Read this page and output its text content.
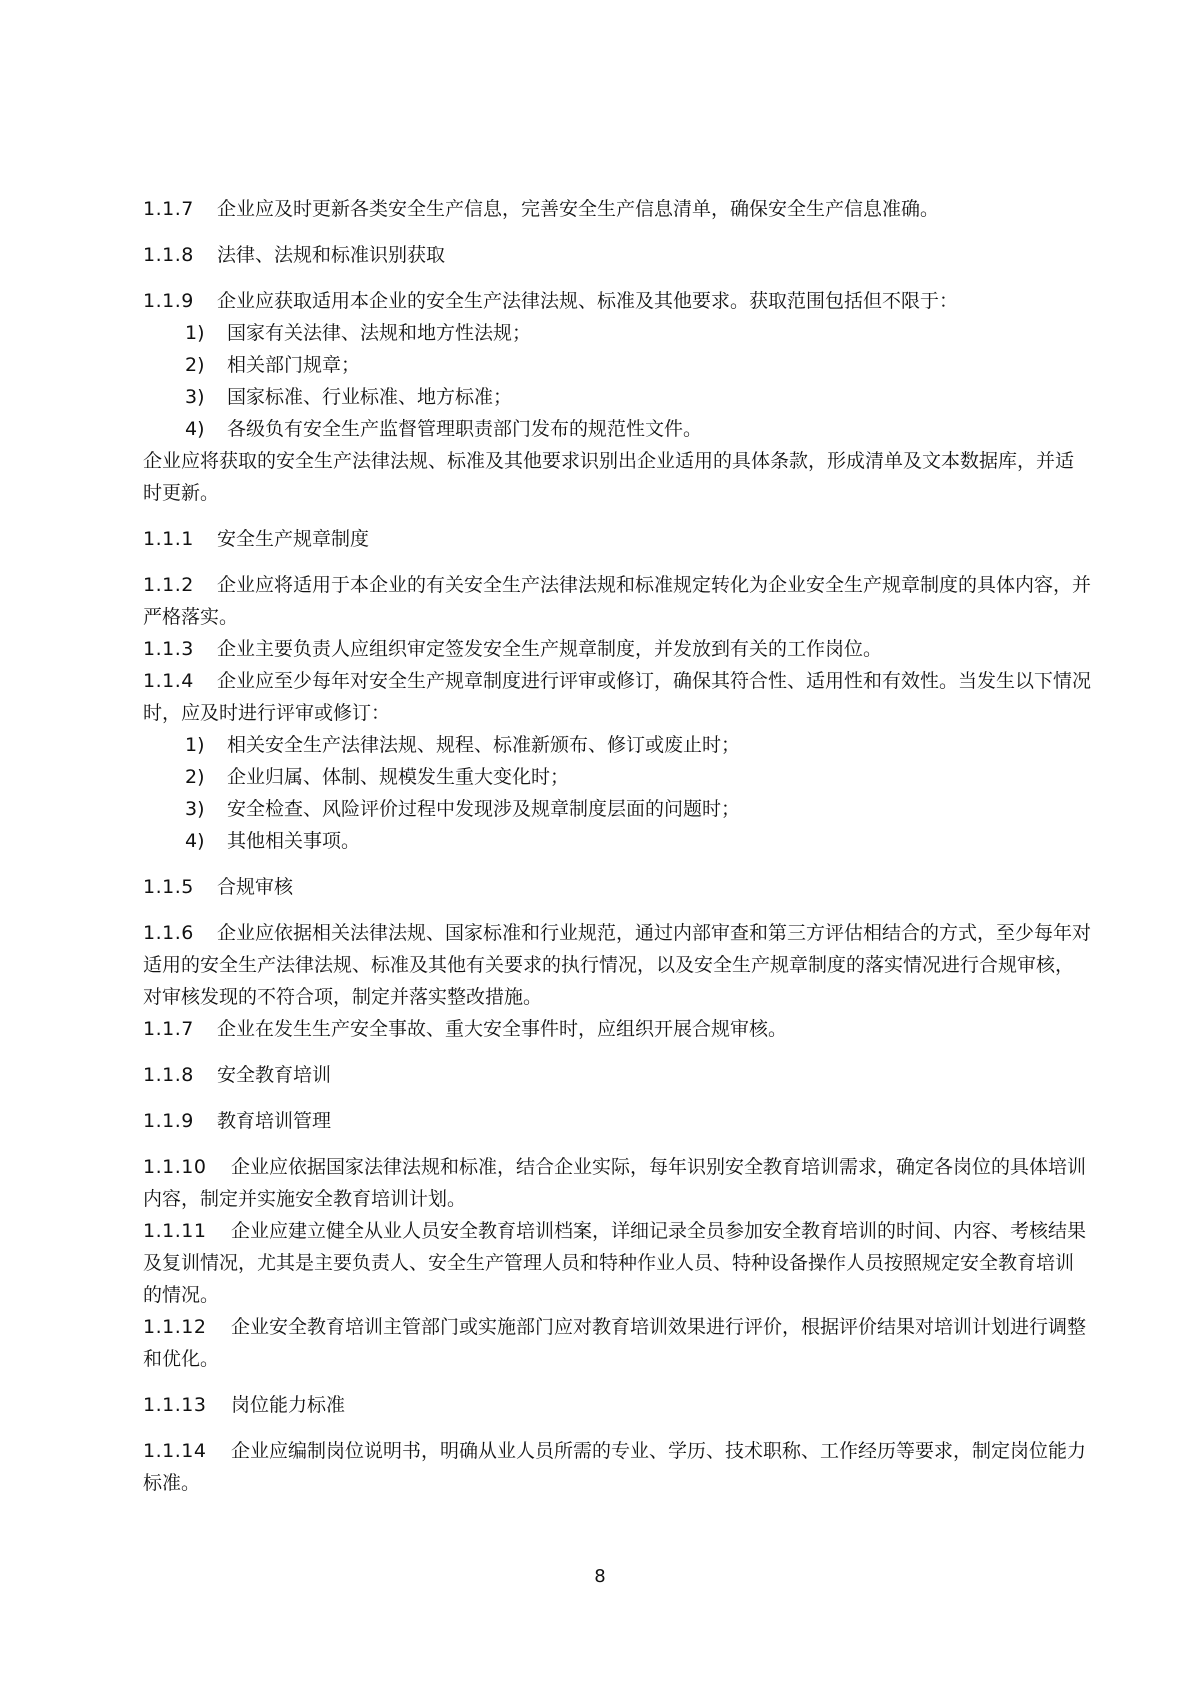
1.1.7 企业应及时更新各类安全生产信息，完善安全生产信息清单，确保安全生产信息准确。

1.1.8 法律、法规和标准识别获取

1.1.9 企业应获取适用本企业的安全生产法律法规、标准及其他要求。获取范围包括但不限于：

1) 国家有关法律、法规和地方性法规；

2) 相关部门规章；

3) 国家标准、行业标准、地方标准；

4) 各级负有安全生产监督管理职责部门发布的规范性文件。

企业应将获取的安全生产法律法规、标准及其他要求识别出企业适用的具体条款，形成清单及文本数据库，并适时更新。

1.1.1 安全生产规章制度

1.1.2 企业应将适用于本企业的有关安全生产法律法规和标准规定转化为企业安全生产规章制度的具体内容，并严格落实。

1.1.3 企业主要负责人应组织审定签发安全生产规章制度，并发放到有关的工作岗位。

1.1.4 企业应至少每年对安全生产规章制度进行评审或修订，确保其符合性、适用性和有效性。当发生以下情况时，应及时进行评审或修订：

1) 相关安全生产法律法规、规程、标准新颁布、修订或废止时；

2) 企业归属、体制、规模发生重大变化时；

3) 安全检查、风险评价过程中发现涉及规章制度层面的问题时；

4) 其他相关事项。

1.1.5 合规审核

1.1.6 企业应依据相关法律法规、国家标准和行业规范，通过内部审查和第三方评估相结合的方式，至少每年对适用的安全生产法律法规、标准及其他有关要求的执行情况，以及安全生产规章制度的落实情况进行合规审核，对审核发现的不符合项，制定并落实整改措施。

1.1.7 企业在发生生产安全事故、重大安全事件时，应组织开展合规审核。

1.1.8 安全教育培训

1.1.9 教育培训管理

1.1.10 企业应依据国家法律法规和标准，结合企业实际，每年识别安全教育培训需求，确定各岗位的具体培训内容，制定并实施安全教育培训计划。

1.1.11 企业应建立健全从业人员安全教育培训档案，详细记录全员参加安全教育培训的时间、内容、考核结果及复训情况，尤其是主要负责人、安全生产管理人员和特种作业人员、特种设备操作人员按照规定安全教育培训的情况。

1.1.12 企业安全教育培训主管部门或实施部门应对教育培训效果进行评价，根据评价结果对培训计划进行调整和优化。

1.1.13 岗位能力标准

1.1.14 企业应编制岗位说明书，明确从业人员所需的专业、学历、技术职称、工作经历等要求，制定岗位能力标准。

8
